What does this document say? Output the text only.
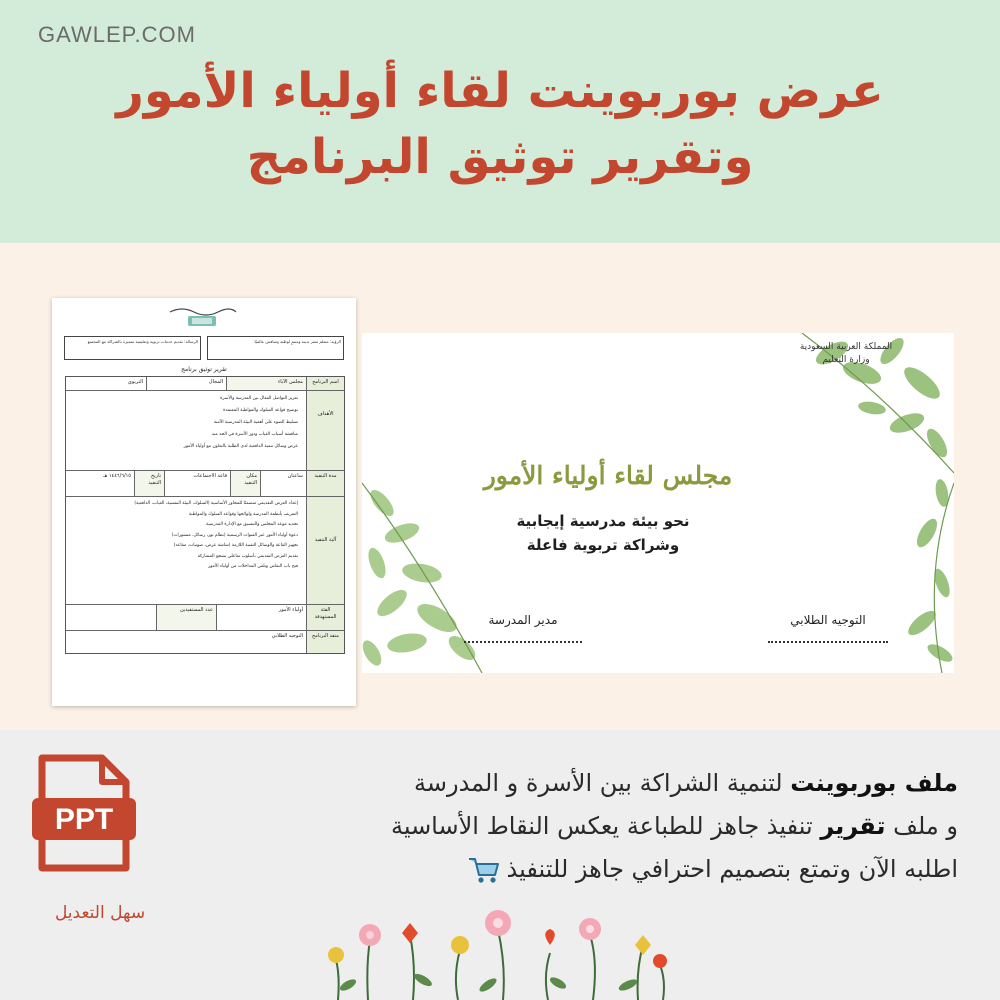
GAWLEP.COM
عرض بوربوينت لقاء أولياء الأمور
وتقرير توثيق البرنامج
الرؤية: متعلم معتز بدينه ومنتمٍ لوطنه ومنافس عالميًا
الرسالة: تقديم خدمات تربوية وتعليمية متميزة بالشراكة مع المجتمع
تقرير توثيق برنامج
اسم البرنامج
مجلس الآباء
المجال
التربوي
الأهداف
تعزيز التواصل الفعال بين المدرسة والأسرة
توضيح قواعد السلوك والمواظبة المعتمدة
تسليط الضوء على أهمية البيئة المدرسية الآمنة
مناقشة أسباب الغياب ودور الأسرة في الحد منه
عرض وسائل تنمية الدافعية لدى الطلبة بالتعاون مع أولياء الأمور
مدة التنفيذ
ساعتان
مكان التنفيذ
قاعة الاجتماعات
تاريخ التنفيذ
١٤٤٦/٦/١٥ هـ
آلية التنفيذ
إعداد العرض التقديمي متضمنًا للمحاور الأساسية (السلوك، البيئة النفسية، الغياب، الدافعية)
التعريف بأنظمة المدرسة ولوائحها وقواعد السلوك والمواظبة
تحديد موعد المجلس والتنسيق مع الإدارة المدرسية
دعوة أولياء الأمور عبر القنوات الرسمية (نظام نور، رسائل، منشورات)
تجهيز القاعة والوسائل التقنية اللازمة (شاشة عرض، صوتيات، مقاعد)
تقديم العرض التقديمي بأسلوب تفاعلي يشجع المشاركة
فتح باب النقاش وتلقي المداخلات من أولياء الأمور
الفئة المستهدفة
أولياء الأمور
عدد المستفيدين
منفذ البرنامج
التوجيه الطلابي
المملكة العربية السعودية
وزارة التعليم
مجلس لقاء أولياء الأمور
نحو بيئة مدرسية إيجابية
وشراكة تربوية فاعلة
التوجيه الطلابي
مدير المدرسة
PPT
سهل التعديل
ملف بوربوينت لتنمية الشراكة بين الأسرة و المدرسة
و ملف تقرير تنفيذ جاهز للطباعة يعكس النقاط الأساسية
اطلبه الآن وتمتع بتصميم احترافي جاهز للتنفيذ
